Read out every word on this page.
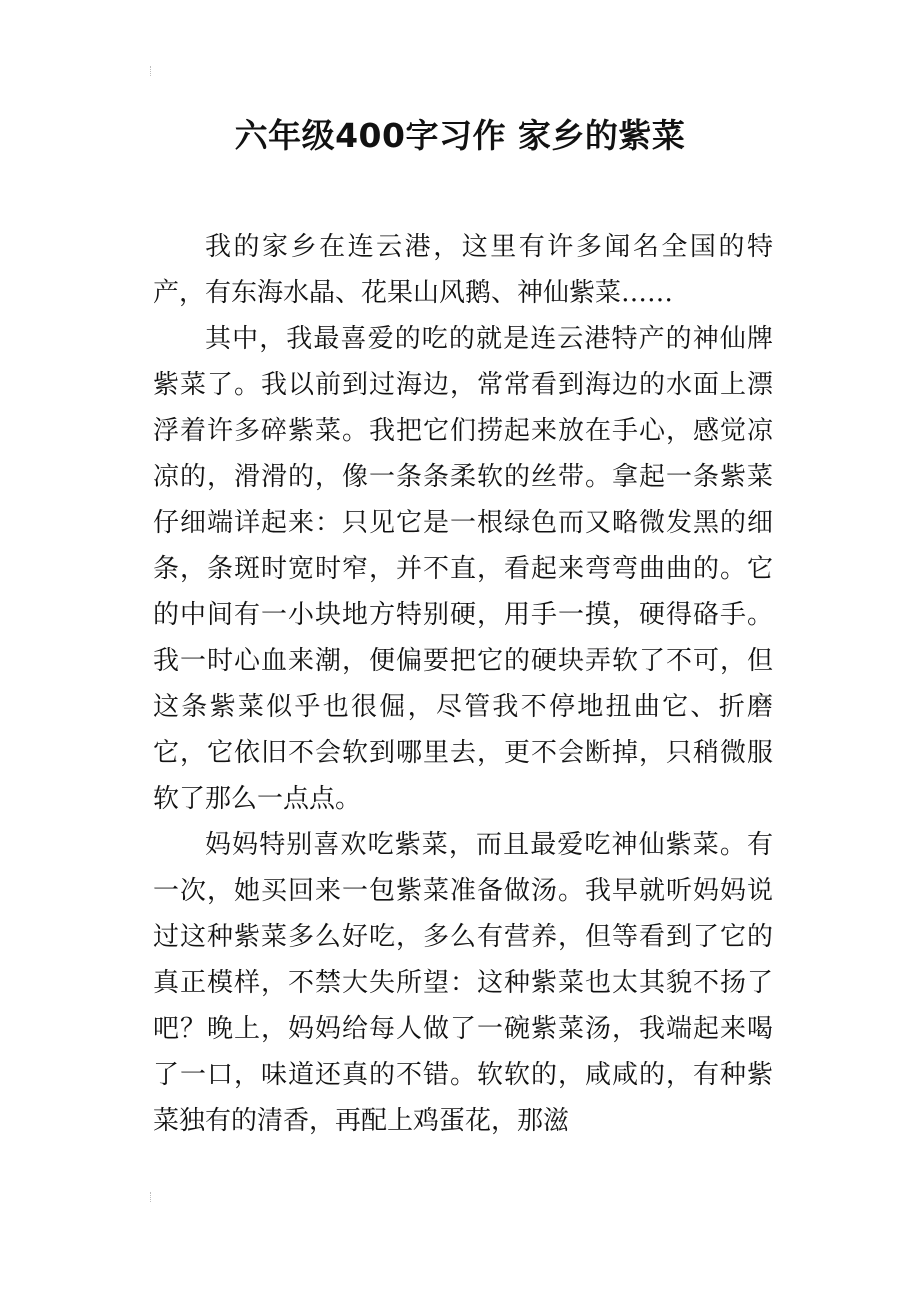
六年级400字习作 家乡的紫菜

我的家乡在连云港，这里有许多闻名全国的特产，有东海水晶、花果山风鹅、神仙紫菜……

其中，我最喜爱的吃的就是连云港特产的神仙牌紫菜了。我以前到过海边，常常看到海边的水面上漂浮着许多碎紫菜。我把它们捞起来放在手心，感觉凉凉的，滑滑的，像一条条柔软的丝带。拿起一条紫菜仔细端详起来：只见它是一根绿色而又略微发黑的细条，条斑时宽时窄，并不直，看起来弯弯曲曲的。它的中间有一小块地方特别硬，用手一摸，硬得硌手。我一时心血来潮，便偏要把它的硬块弄软了不可，但这条紫菜似乎也很倔，尽管我不停地扭曲它、折磨它，它依旧不会软到哪里去，更不会断掉，只稍微服软了那么一点点。

妈妈特别喜欢吃紫菜，而且最爱吃神仙紫菜。有一次，她买回来一包紫菜准备做汤。我早就听妈妈说过这种紫菜多么好吃，多么有营养，但等看到了它的真正模样，不禁大失所望：这种紫菜也太其貌不扬了吧？晚上，妈妈给每人做了一碗紫菜汤，我端起来喝了一口，味道还真的不错。软软的，咸咸的，有种紫菜独有的清香，再配上鸡蛋花，那滋
